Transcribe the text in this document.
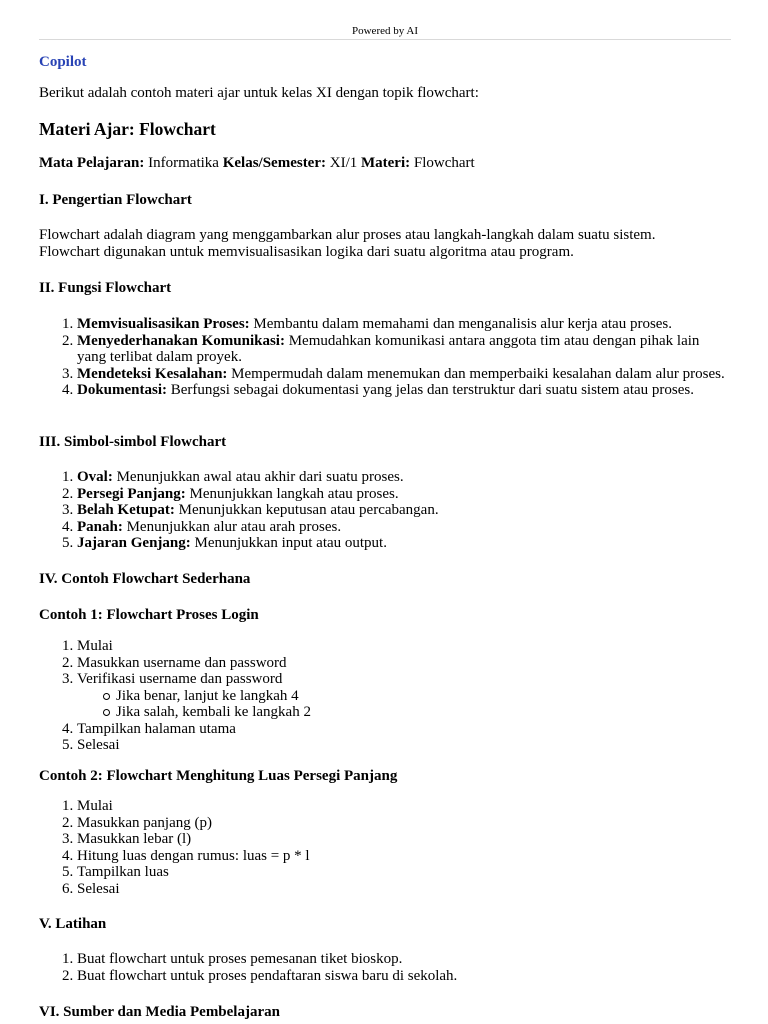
Powered by AI
Copilot
Berikut adalah contoh materi ajar untuk kelas XI dengan topik flowchart:
Materi Ajar: Flowchart
Mata Pelajaran: Informatika Kelas/Semester: XI/1 Materi: Flowchart
I. Pengertian Flowchart
Flowchart adalah diagram yang menggambarkan alur proses atau langkah-langkah dalam suatu sistem. Flowchart digunakan untuk memvisualisasikan logika dari suatu algoritma atau program.
II. Fungsi Flowchart
1. Memvisualisasikan Proses: Membantu dalam memahami dan menganalisis alur kerja atau proses.
2. Menyederhanakan Komunikasi: Memudahkan komunikasi antara anggota tim atau dengan pihak lain yang terlibat dalam proyek.
3. Mendeteksi Kesalahan: Mempermudah dalam menemukan dan memperbaiki kesalahan dalam alur proses.
4. Dokumentasi: Berfungsi sebagai dokumentasi yang jelas dan terstruktur dari suatu sistem atau proses.
III. Simbol-simbol Flowchart
1. Oval: Menunjukkan awal atau akhir dari suatu proses.
2. Persegi Panjang: Menunjukkan langkah atau proses.
3. Belah Ketupat: Menunjukkan keputusan atau percabangan.
4. Panah: Menunjukkan alur atau arah proses.
5. Jajaran Genjang: Menunjukkan input atau output.
IV. Contoh Flowchart Sederhana
Contoh 1: Flowchart Proses Login
1. Mulai
2. Masukkan username dan password
3. Verifikasi username dan password
Jika benar, lanjut ke langkah 4
Jika salah, kembali ke langkah 2
4. Tampilkan halaman utama
5. Selesai
Contoh 2: Flowchart Menghitung Luas Persegi Panjang
1. Mulai
2. Masukkan panjang (p)
3. Masukkan lebar (l)
4. Hitung luas dengan rumus: luas = p * l
5. Tampilkan luas
6. Selesai
V. Latihan
1. Buat flowchart untuk proses pemesanan tiket bioskop.
2. Buat flowchart untuk proses pendaftaran siswa baru di sekolah.
VI. Sumber dan Media Pembelajaran
